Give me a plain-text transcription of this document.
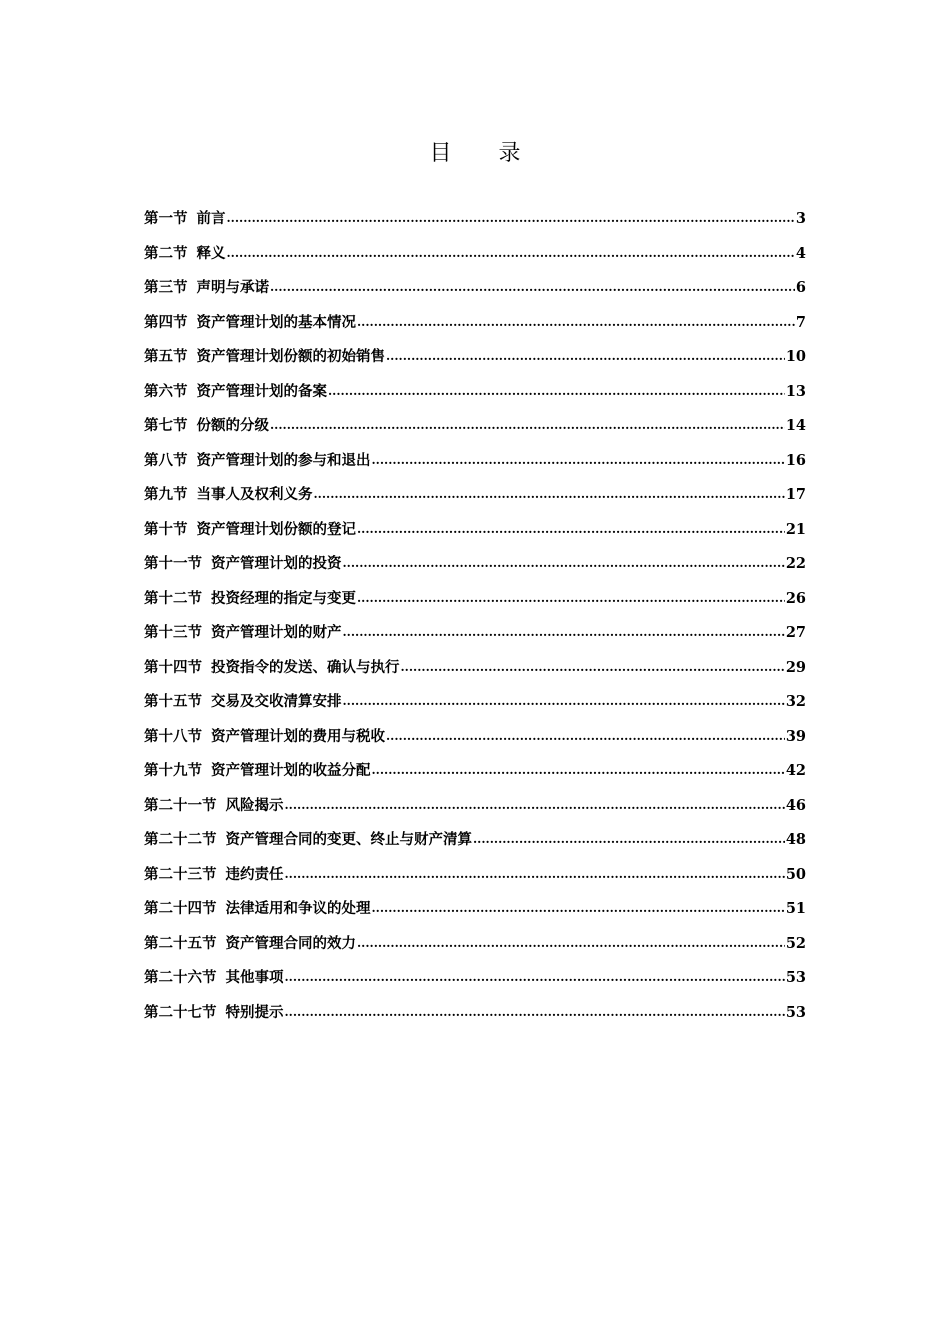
目 录
第一节 前言 .....	3
第二节 释义 .....	4
第三节 声明与承诺 .....	6
第四节 资产管理计划的基本情况 .....	7
第五节 资产管理计划份额的初始销售 .....	10
第六节 资产管理计划的备案 .....	13
第七节 份额的分级 .....	14
第八节 资产管理计划的参与和退出 .....	16
第九节 当事人及权利义务 .....	17
第十节 资产管理计划份额的登记 .....	21
第十一节 资产管理计划的投资 .....	22
第十二节 投资经理的指定与变更 .....	26
第十三节 资产管理计划的财产 .....	27
第十四节 投资指令的发送、确认与执行 .....	29
第十五节 交易及交收清算安排 .....	32
第十八节 资产管理计划的费用与税收 .....	39
第十九节 资产管理计划的收益分配 .....	42
第二十一节 风险揭示 .....	46
第二十二节 资产管理合同的变更、终止与财产清算 .....	48
第二十三节 违约责任 .....	50
第二十四节 法律适用和争议的处理 .....	51
第二十五节 资产管理合同的效力 .....	52
第二十六节 其他事项 .....	53
第二十七节 特别提示 .....	53
